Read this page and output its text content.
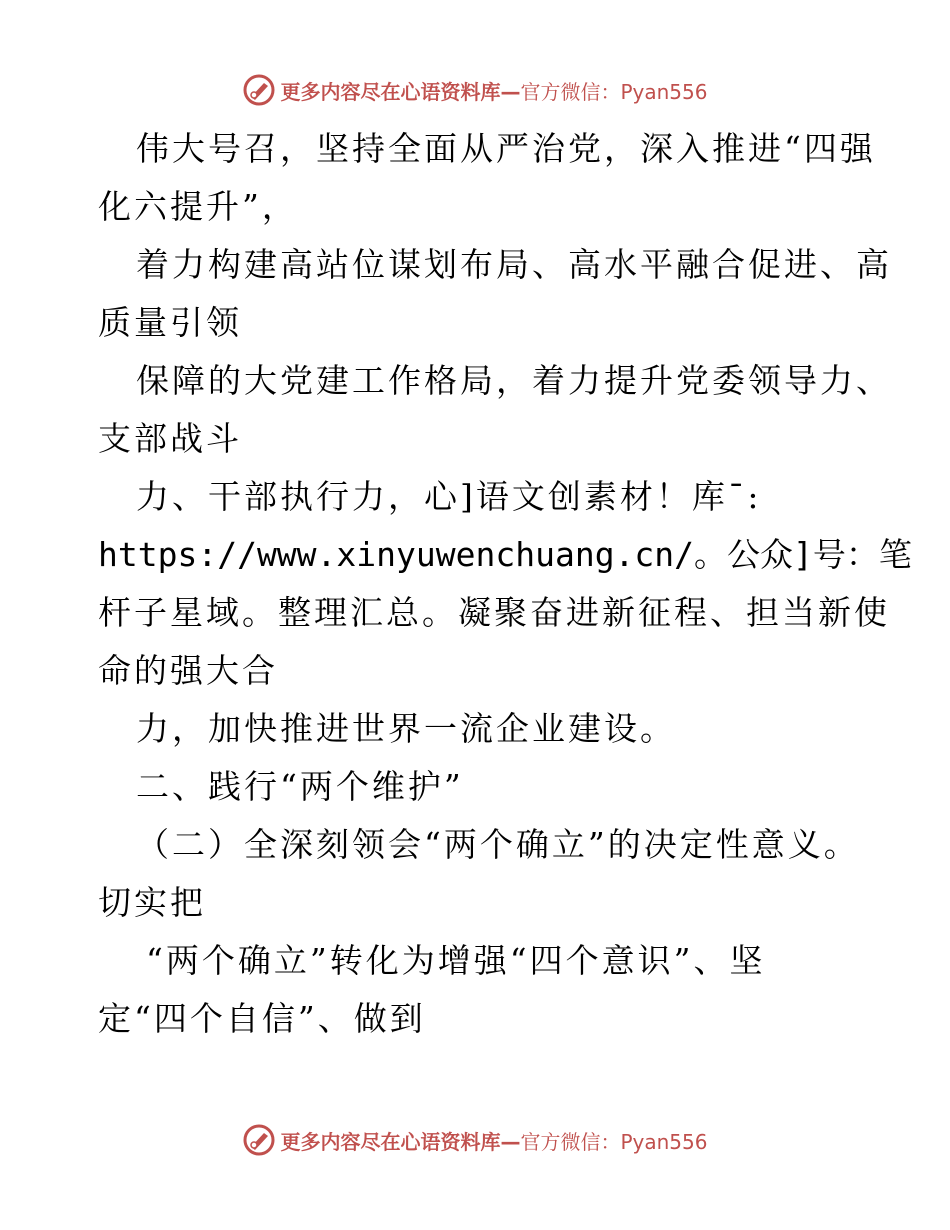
更多内容尽在心语资料库—官方微信：Pyan556
伟大号召，坚持全面从严治党，深入推进“四强
化六提升”，
着力构建高站位谋划布局、高水平融合促进、高
质量引领
保障的大党建工作格局，着力提升党委领导力、
支部战斗
力、干部执行力，心]语文创素材！库¯:
https://www.xinyuwenchuang.cn/。公众]号：笔
杆子星域。整理汇总。凝聚奋进新征程、担当新使
命的强大合
力，加快推进世界一流企业建设。
二、践行“两个维护”
（二）全深刻领会“两个确立”的决定性意义。
切实把
“两个确立”转化为增强“四个意识”、坚
定“四个自信”、做到
更多内容尽在心语资料库—官方微信：Pyan556
